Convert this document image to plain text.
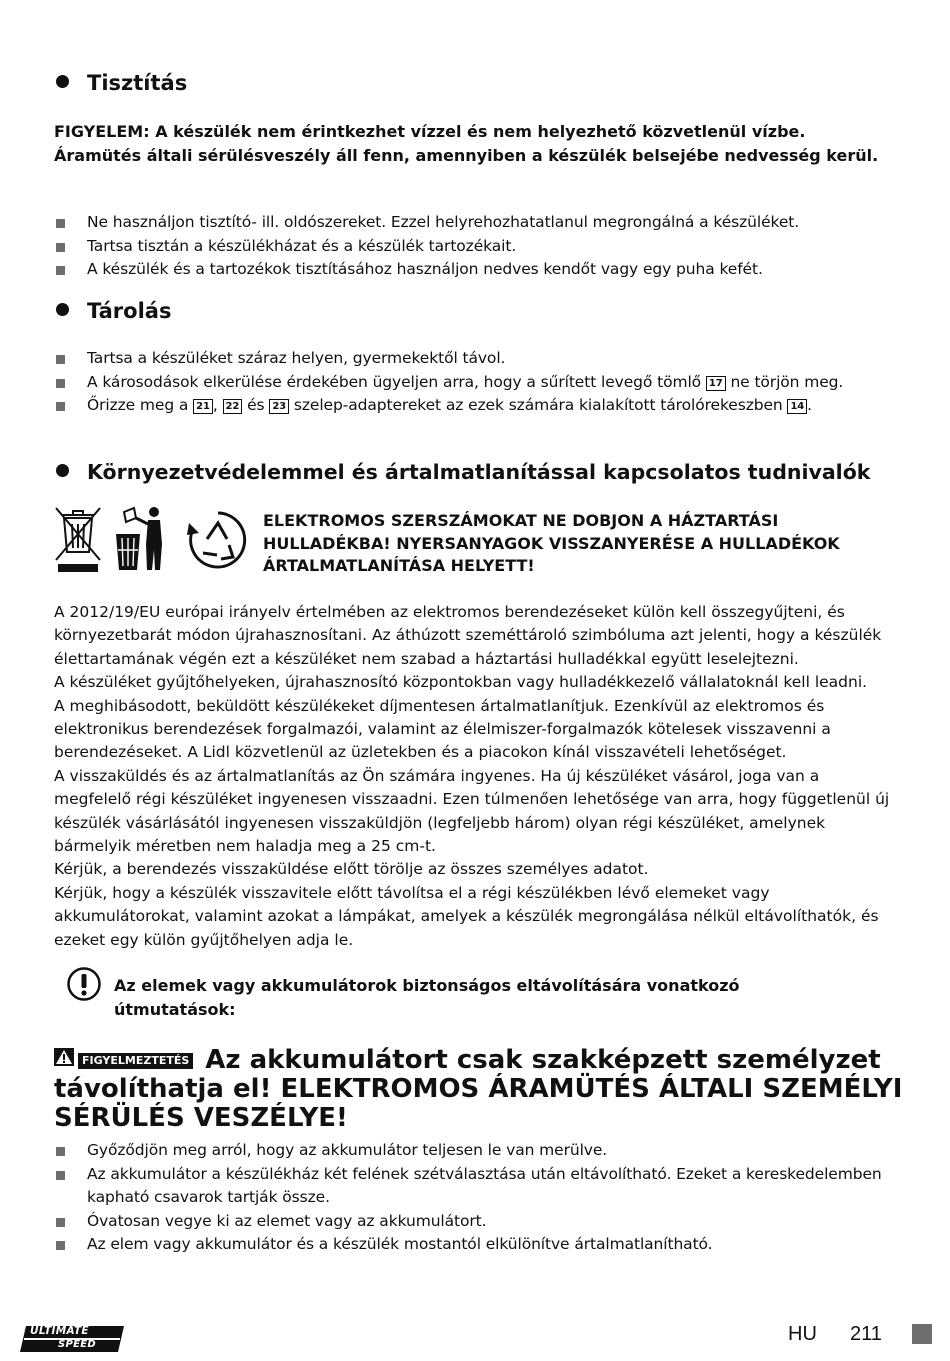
Tisztítás
FIGYELEM: A készülék nem érintkezhet vízzel és nem helyezhető közvetlenül vízbe. Áramütés általi sérülésveszély áll fenn, amennyiben a készülék belsejébe nedvesség kerül.
Ne használjon tisztító- ill. oldószereket. Ezzel helyrehozhatatlanul megrongálná a készüléket.
Tartsa tisztán a készülékházat és a készülék tartozékait.
A készülék és a tartozékok tisztításához használjon nedves kendőt vagy egy puha kefét.
Tárolás
Tartsa a készüléket száraz helyen, gyermekektől távol.
A károsodások elkerülése érdekében ügyeljen arra, hogy a sűrített levegő tömlő 17 ne törjön meg.
Őrizze meg a 21 , 22 és 23 szelep-adaptereket az ezek számára kialakított tárolórekeszben 14 .
Környezetvédelemmel és ártalmatlanítással kapcsolatos tudnivalók
ELEKTROMOS SZERSZÁMOKAT NE DOBJON A HÁZTARTÁSI HULLADÉKBA! NYERSANYAGOK VISSZANYERÉSE A HULLADÉKOK ÁRTALMATLANÍTÁSA HELYETT!

A 2012/19/EU európai irányelv értelmében az elektromos berendezéseket külön kell összegyűjteni, és környezetbarát módon újrahasznosítani. Az áthúzott szeméttároló szimbóluma azt jelenti, hogy a készülék élettartamának végén ezt a készüléket nem szabad a háztartási hulladékkal együtt leselejtezni.

A készüléket gyűjtőhelyeken, újrahasznosító központokban vagy hulladékkezelő vállalatoknál kell leadni.

A meghibásodott, beküldött készülékeket díjmentesen ártalmatlanítjuk. Ezenkívül az elektromos és elektronikus berendezések forgalmazói, valamint az élelmiszer-forgalmazók kötelesek visszavenni a berendezéseket. A Lidl közvetlenül az üzletekben és a piacokon kínál visszavételi lehetőséget.

A visszaküldés és az ártalmatlanítás az Ön számára ingyenes. Ha új készüléket vásárol, joga van a megfelelő régi készüléket ingyenesen visszaadni. Ezen túlmenően lehetősége van arra, hogy függetlenül új készülék vásárlásától ingyenesen visszaküldjön (legfeljebb három) olyan régi készüléket, amelynek bármelyik méretben nem haladja meg a 25 cm-t.

Kérjük, a berendezés visszaküldése előtt törölje az összes személyes adatot.

Kérjük, hogy a készülék visszavitele előtt távolítsa el a régi készülékben lévő elemeket vagy akkumulátorokat, valamint azokat a lámpákat, amelyek a készülék megrongálása nélkül eltávolíthatók, és ezeket egy külön gyűjtőhelyen adja le.

Az elemek vagy akkumulátorok biztonságos eltávolítására vonatkozó útmutatások:
FIGYELMEZTETÉS Az akkumulátort csak szakképzett személyzet távolíthatja el! ELEKTROMOS ÁRAMÜTÉS ÁLTALI SZEMÉLYI SÉRÜLÉS VESZÉLYE!
Győződjön meg arról, hogy az akkumulátor teljesen le van merülve.
Az akkumulátor a készülékház két felének szétválasztása után eltávolítható. Ezeket a kereskedelemben kapható csavarok tartják össze.
Óvatosan vegye ki az elemet vagy az akkumulátort.
Az elem vagy akkumulátor és a készülék mostantól elkülönítve ártalmatlanítható.
ULTIMATE
SPEED	HU 211
